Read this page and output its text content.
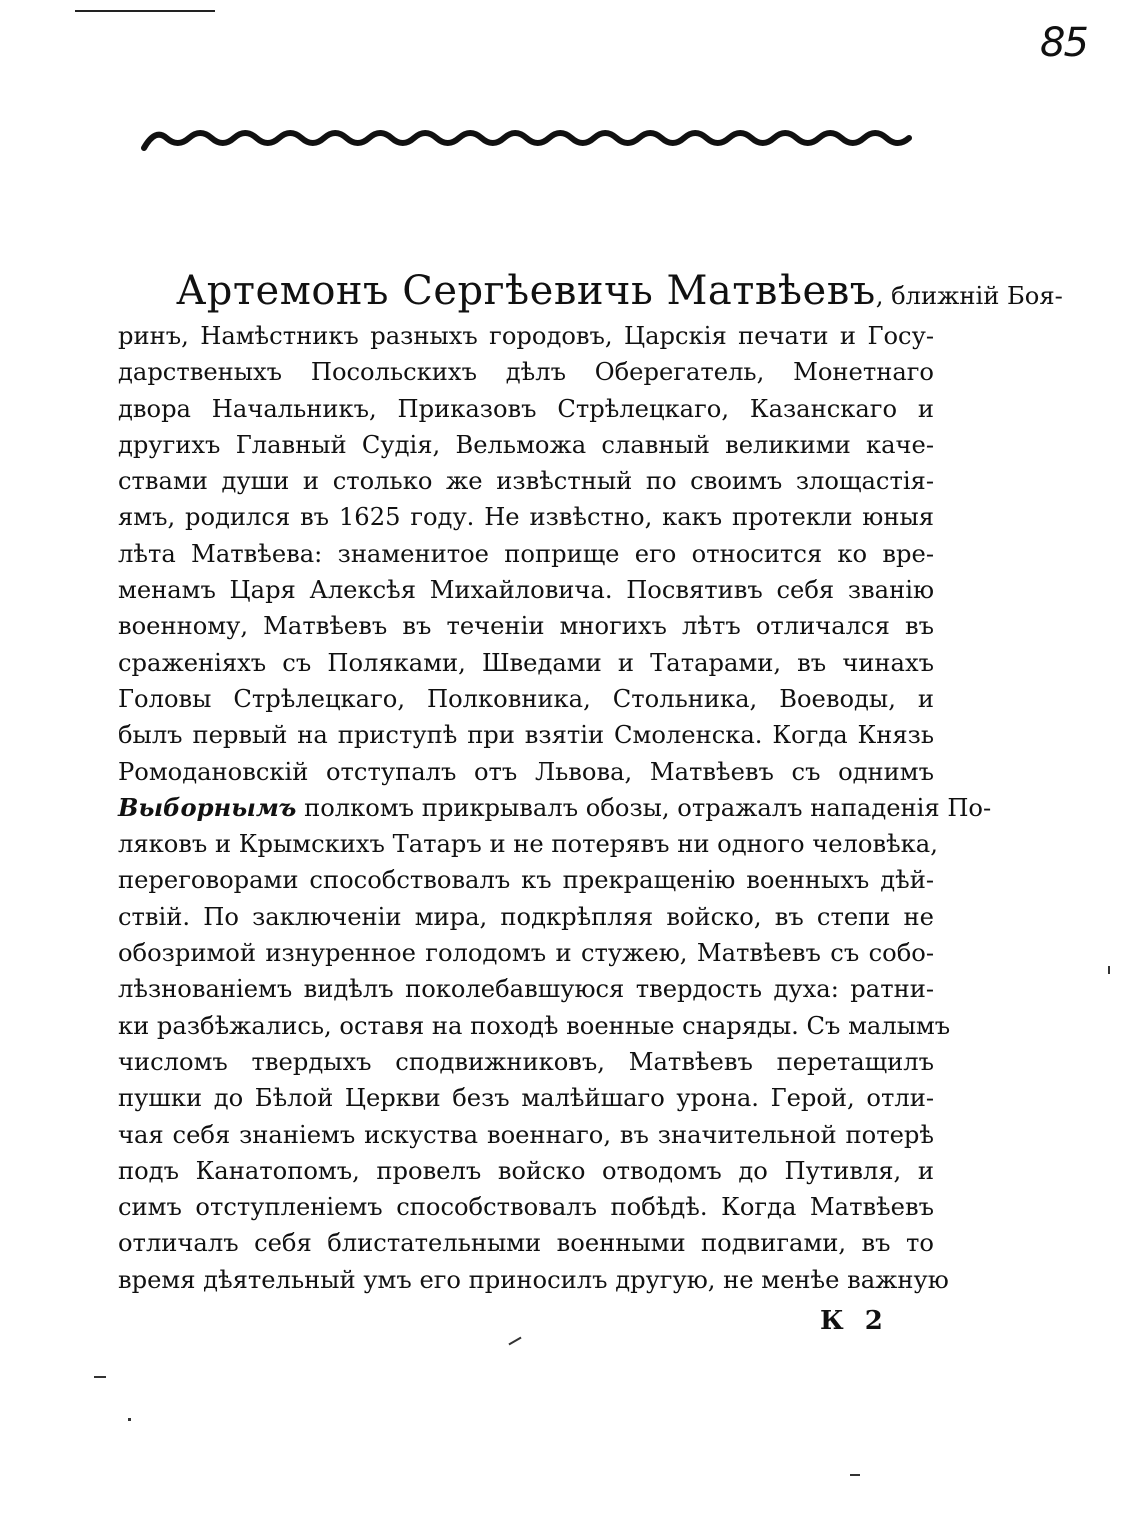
85
Артемонъ Сергѣевичь Матвѣевъ, ближній Боя-
ринъ, Намѣстникъ разныхъ городовъ, Царскія печати и Госу-
дарственыхъ Посольскихъ дѣлъ Оберегатель, Монетнаго
двора Начальникъ, Приказовъ Стрѣлецкаго, Казанскаго и
другихъ Главный Судія, Вельможа славный великими каче-
ствами души и столько же извѣстный по своимъ злощастія-
ямъ, родился въ 1625 году. Не извѣстно, какъ протекли юныя
лѣта Матвѣева: знаменитое поприще его относится ко вре-
менамъ Царя Алексѣя Михайловича. Посвятивъ себя званію
военному, Матвѣевъ въ теченіи многихъ лѣтъ отличался въ
сраженіяхъ съ Поляками, Шведами и Татарами, въ чинахъ
Головы Стрѣлецкаго, Полковника, Стольника, Воеводы, и
былъ первый на приступѣ при взятіи Смоленска. Когда Князь
Ромодановскій отступалъ отъ Львова, Матвѣевъ съ однимъ
Выборнымъ полкомъ прикрывалъ обозы, отражалъ нападенія По-
ляковъ и Крымскихъ Татаръ и не потерявъ ни одного человѣка,
переговорами способствовалъ къ прекращенію военныхъ дѣй-
ствій. По заключеніи мира, подкрѣпляя войско, въ степи не
обозримой изнуренное голодомъ и стужею, Матвѣевъ съ собо-
лѣзнованіемъ видѣлъ поколебавшуюся твердость духа: ратни-
ки разбѣжались, оставя на походѣ военные снаряды. Съ малымъ
числомъ твердыхъ сподвижниковъ, Матвѣевъ перетащилъ
пушки до Бѣлой Церкви безъ малѣйшаго урона. Герой, отли-
чая себя знаніемъ искуства военнаго, въ значительной потерѣ
подъ Канатопомъ, провелъ войско отводомъ до Путивля, и
симъ отступленіемъ способствовалъ побѣдѣ. Когда Матвѣевъ
отличалъ себя блистательными военными подвигами, въ то
время дѣятельный умъ его приносилъ другую, не менѣе важную
К 2
